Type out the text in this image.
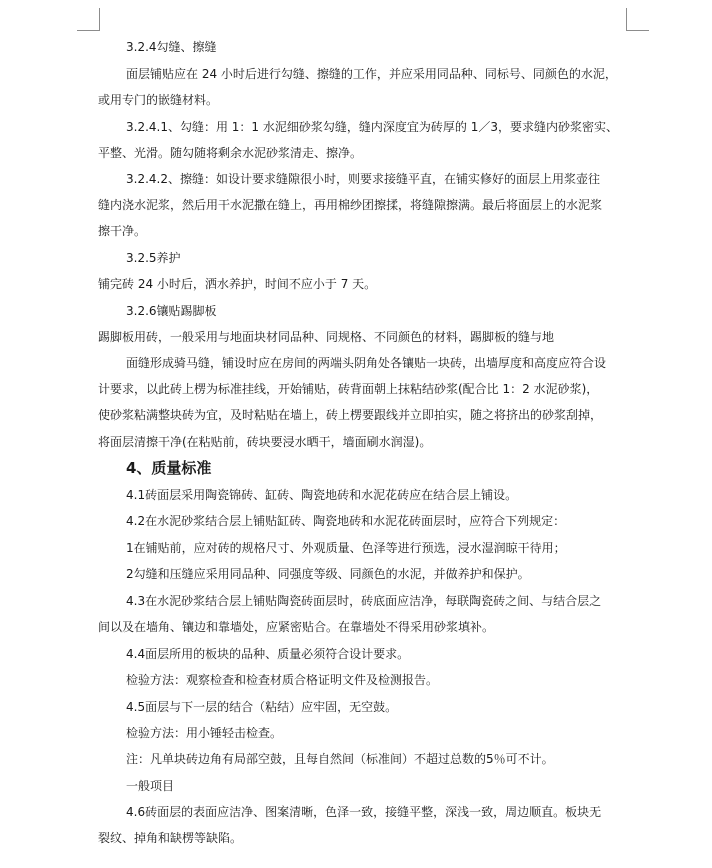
3.2.4勾缝、擦缝
面层铺贴应在 24 小时后进行勾缝、擦缝的工作，并应采用同品种、同标号、同颜色的水泥，
或用专门的嵌缝材料。
3.2.4.1、勾缝：用 1：1 水泥细砂浆勾缝，缝内深度宜为砖厚的 1／3，要求缝内砂浆密实、
平整、光滑。随勾随将剩余水泥砂浆清走、擦净。
3.2.4.2、擦缝：如设计要求缝隙很小时，则要求接缝平直，在铺实修好的面层上用浆壶往
缝内浇水泥浆，然后用干水泥撒在缝上，再用棉纱团擦揉，将缝隙擦满。最后将面层上的水泥浆
擦干净。
3.2.5养护
铺完砖 24 小时后，洒水养护，时间不应小于 7 天。
3.2.6镶贴踢脚板
踢脚板用砖，一般采用与地面块材同品种、同规格、不同颜色的材料，踢脚板的缝与地
面缝形成骑马缝，铺设时应在房间的两端头阴角处各镶贴一块砖，出墙厚度和高度应符合设
计要求，以此砖上楞为标准挂线，开始铺贴，砖背面朝上抹粘结砂浆(配合比 1：2 水泥砂浆)，
使砂浆粘满整块砖为宜，及时粘贴在墙上，砖上楞要跟线并立即拍实，随之将挤出的砂浆刮掉，
将面层清擦干净(在粘贴前，砖块要浸水晒干，墙面刷水润湿)。
4、质量标准
4.1砖面层采用陶瓷锦砖、缸砖、陶瓷地砖和水泥花砖应在结合层上铺设。
4.2在水泥砂浆结合层上铺贴缸砖、陶瓷地砖和水泥花砖面层时，应符合下列规定：
1在铺贴前，应对砖的规格尺寸、外观质量、色泽等进行预选，浸水湿润晾干待用；
2勾缝和压缝应采用同品种、同强度等级、同颜色的水泥，并做养护和保护。
4.3在水泥砂浆结合层上铺贴陶瓷砖面层时，砖底面应洁净，每联陶瓷砖之间、与结合层之
间以及在墙角、镶边和靠墙处，应紧密贴合。在靠墙处不得采用砂浆填补。
4.4面层所用的板块的品种、质量必须符合设计要求。
检验方法：观察检查和检查材质合格证明文件及检测报告。
4.5面层与下一层的结合（粘结）应牢固，无空鼓。
检验方法：用小锤轻击检查。
注：凡单块砖边角有局部空鼓，且每自然间（标准间）不超过总数的5％可不计。
一般项目
4.6砖面层的表面应洁净、图案清晰，色泽一致，接缝平整，深浅一致，周边顺直。板块无
裂纹、掉角和缺楞等缺陷。
